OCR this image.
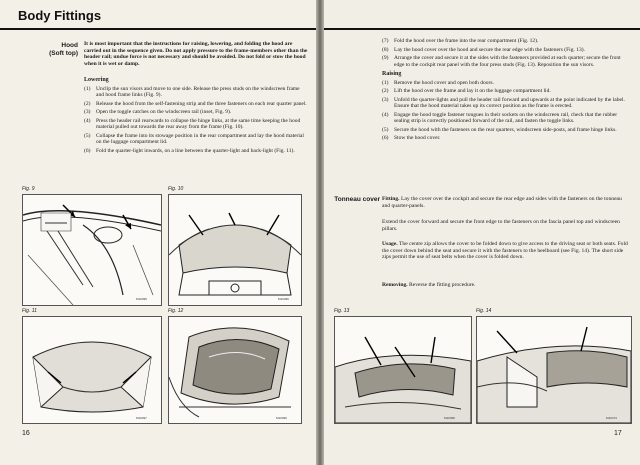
Body Fittings
Hood
(Soft top)
It is most important that the instructions for raising, lowering, and folding the hood are carried out in the sequence given. Do not apply pressure to the frame-members other than the header rail; undue force is not necessary and should be avoided. Do not fold or stow the hood when it is wet or damp.
Lowering
(1)	Unclip the sun visors and move to one side. Release the press studs on the windscreen frame and hood frame links (Fig. 9).
(2)	Release the hood from the self-fastening strip and the three fasteners on each rear quarter panel.
(3)	Open the toggle catches on the windscreen rail (inset, Fig. 9).
(4)	Press the header rail rearwards to collapse the hinge links, at the same time keeping the hood material pulled out towards the rear away from the frame (Fig. 10).
(5)	Collapse the frame into its stowage position in the rear compartment and lay the hood material on the luggage compartment lid.
(6)	Fold the quarter-light inwards, on a line between the quarter-light and back-light (Fig. 11).
Fig. 9
M10495
Fig. 10
M10496
Fig. 11
M10497
Fig. 12
M10499
16
(7)	Fold the hood over the frame into the rear compartment (Fig. 12).
(8)	Lay the hood cover over the hood and secure the rear edge with the fasteners (Fig. 13).
(9)	Arrange the cover and secure it at the sides with the fasteners provided at each quarter; secure the front edge to the cockpit rear panel with the four press studs (Fig. 13). Reposition the sun visors.
Raising
(1)	Remove the hood cover and open both doors.
(2)	Lift the hood over the frame and lay it on the luggage compartment lid.
(3)	Unfold the quarter-lights and pull the header rail forward and upwards at the point indicated by the label. Ensure that the hood material takes up its correct position as the frame is erected.
(4)	Engage the hood toggle fastener tongues in their sockets on the windscreen rail, check that the rubber sealing strip is correctly positioned forward of the rail, and fasten the toggle links.
(5)	Secure the hood with the fasteners on the rear quarters, windscreen side-posts, and frame hinge links.
(6)	Stow the hood cover.
Tonneau cover Fitting. Lay the cover over the cockpit and secure the rear edge and sides with the fasteners on the tonneau and quarter-panels.
Extend the cover forward and secure the front edge to the fasteners on the fascia panel top and windscreen pillars.
Usage. The centre zip allows the cover to be folded down to give access to the driving seat or both seats. Fold the cover down behind the seat and secure it with the fasteners to the heelboard (see Fig. 14). The short side zips permit the use of seat belts when the cover is folded down.
Removing. Reverse the fitting procedure.
Fig. 13
M10498
Fig. 14
M10474
17
